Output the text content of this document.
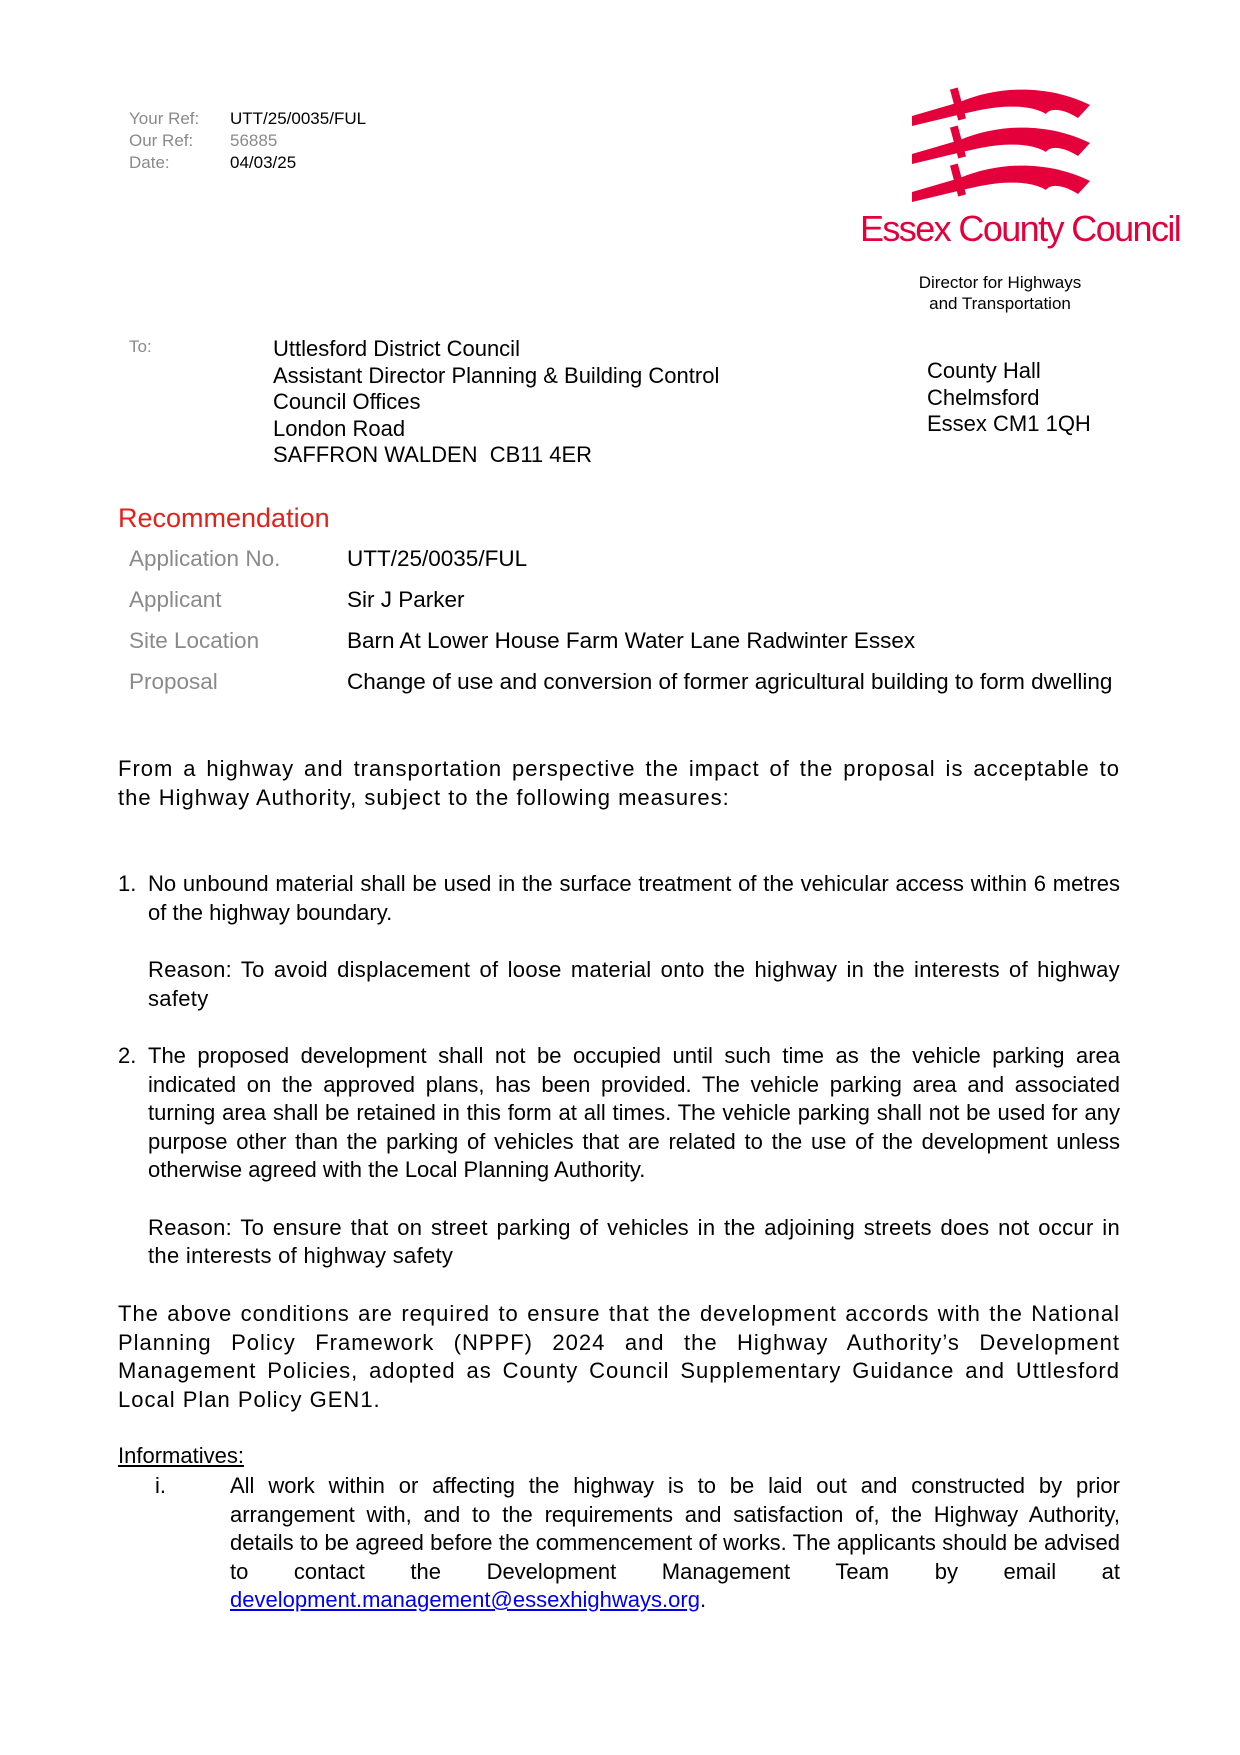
Your Ref:	UTT/25/0035/FUL
Our Ref:	56885
Date:	04/03/25
Essex County Council
Director for Highways
and Transportation
To:	Uttlesford District Council
Assistant Director Planning & Building Control
Council Offices
London Road
SAFFRON WALDEN  CB11 4ER
County Hall
Chelmsford
Essex CM1 1QH
Recommendation
Application No.	UTT/25/0035/FUL
Applicant	Sir J Parker
Site Location	Barn At Lower House Farm Water Lane Radwinter Essex
Proposal	Change of use and conversion of former agricultural building to form dwelling
From a highway and transportation perspective the impact of the proposal is acceptable to the Highway Authority, subject to the following measures:
1. No unbound material shall be used in the surface treatment of the vehicular access within 6 metres of the highway boundary.
Reason: To avoid displacement of loose material onto the highway in the interests of highway safety
2. The proposed development shall not be occupied until such time as the vehicle parking area indicated on the approved plans, has been provided. The vehicle parking area and associated turning area shall be retained in this form at all times. The vehicle parking shall not be used for any purpose other than the parking of vehicles that are related to the use of the development unless otherwise agreed with the Local Planning Authority.
Reason: To ensure that on street parking of vehicles in the adjoining streets does not occur in the interests of highway safety
The above conditions are required to ensure that the development accords with the National Planning Policy Framework (NPPF) 2024 and the Highway Authority’s Development Management Policies, adopted as County Council Supplementary Guidance and Uttlesford Local Plan Policy GEN1.
Informatives:
i.	All work within or affecting the highway is to be laid out and constructed by prior arrangement with, and to the requirements and satisfaction of, the Highway Authority, details to be agreed before the commencement of works. The applicants should be advised to contact the Development Management Team by email at development.management@essexhighways.org.
